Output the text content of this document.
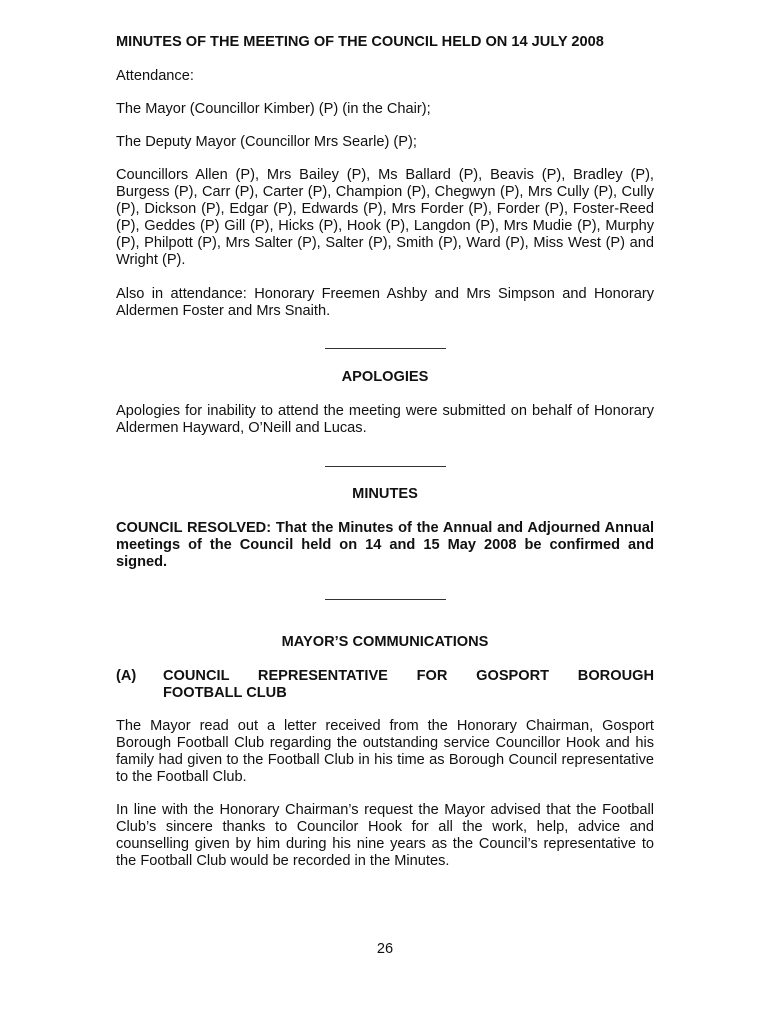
MINUTES OF THE MEETING OF THE COUNCIL HELD ON 14 JULY 2008

Attendance:

The Mayor (Councillor Kimber) (P) (in the Chair);

The Deputy Mayor (Councillor Mrs Searle) (P);

Councillors Allen (P), Mrs Bailey (P), Ms Ballard (P), Beavis (P), Bradley (P), Burgess (P), Carr (P), Carter (P), Champion (P), Chegwyn (P), Mrs Cully (P), Cully (P), Dickson (P), Edgar (P), Edwards (P), Mrs Forder (P), Forder (P), Foster-Reed (P), Geddes (P) Gill (P), Hicks (P), Hook (P), Langdon (P), Mrs Mudie (P), Murphy (P), Philpott (P), Mrs Salter (P), Salter (P), Smith (P), Ward (P), Miss West (P) and Wright (P).

Also in attendance: Honorary Freemen Ashby and Mrs Simpson and Honorary Aldermen Foster and Mrs Snaith.

APOLOGIES

Apologies for inability to attend the meeting were submitted on behalf of Honorary Aldermen Hayward, O’Neill and Lucas.

MINUTES

COUNCIL RESOLVED: That the Minutes of the Annual and Adjourned Annual meetings of the Council held on 14 and 15 May 2008 be confirmed and signed.

MAYOR’S COMMUNICATIONS

(A) COUNCIL REPRESENTATIVE FOR GOSPORT BOROUGH
FOOTBALL CLUB

The Mayor read out a letter received from the Honorary Chairman, Gosport Borough Football Club regarding the outstanding service Councillor Hook and his family had given to the Football Club in his time as Borough Council representative to the Football Club.

In line with the Honorary Chairman’s request the Mayor advised that the Football Club’s sincere thanks to Councilor Hook for all the work, help, advice and counselling given by him during his nine years as the Council’s representative to the Football Club would be recorded in the Minutes.

26
